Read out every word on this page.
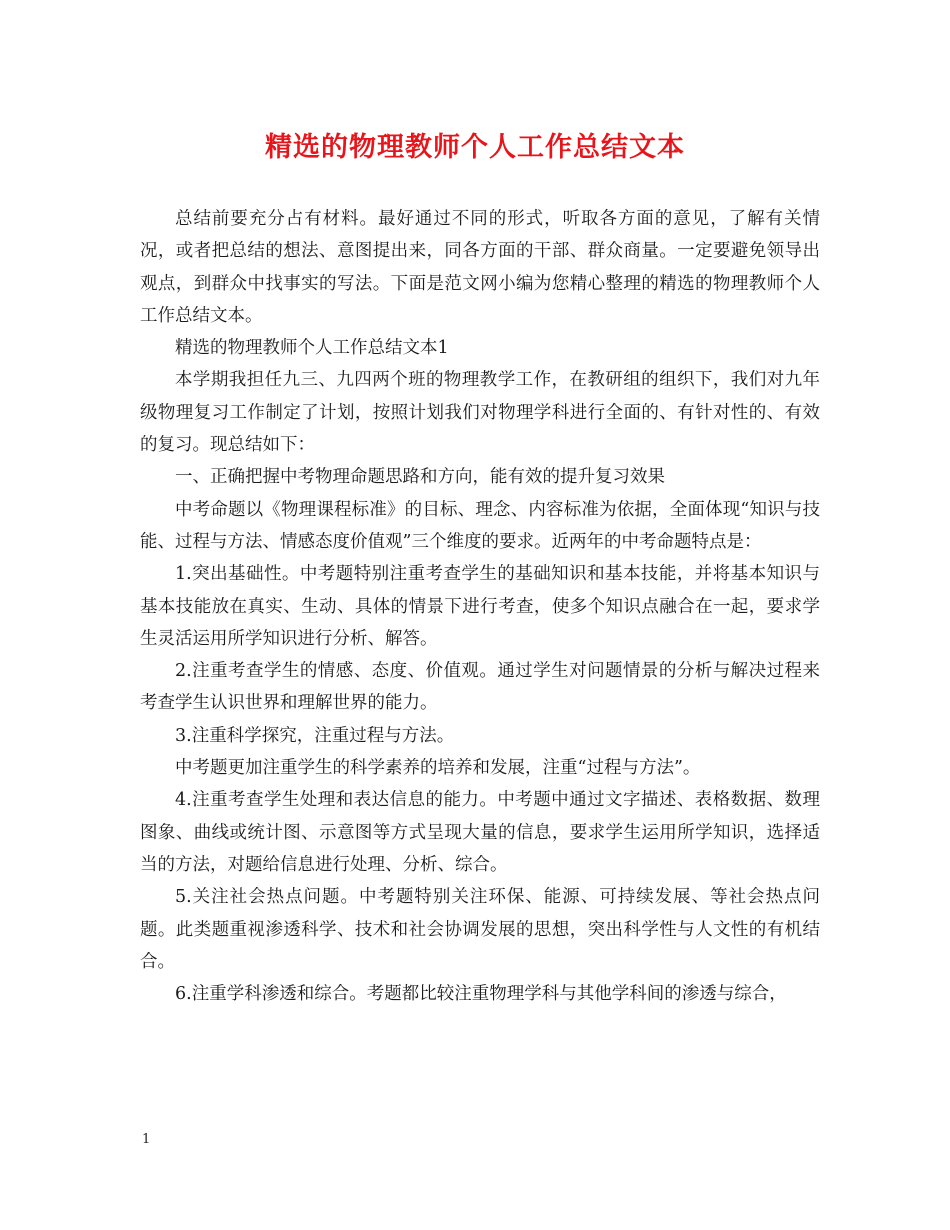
精选的物理教师个人工作总结文本

总结前要充分占有材料。最好通过不同的形式，听取各方面的意见，了解有关情况，或者把总结的想法、意图提出来，同各方面的干部、群众商量。一定要避免领导出观点，到群众中找事实的写法。下面是范文网小编为您精心整理的精选的物理教师个人工作总结文本。

精选的物理教师个人工作总结文本1

本学期我担任九三、九四两个班的物理教学工作，在教研组的组织下，我们对九年级物理复习工作制定了计划，按照计划我们对物理学科进行全面的、有针对性的、有效的复习。现总结如下：

一、正确把握中考物理命题思路和方向，能有效的提升复习效果

中考命题以《物理课程标准》的目标、理念、内容标准为依据，全面体现“知识与技能、过程与方法、情感态度价值观”三个维度的要求。近两年的中考命题特点是：

1.突出基础性。中考题特别注重考查学生的基础知识和基本技能，并将基本知识与基本技能放在真实、生动、具体的情景下进行考查，使多个知识点融合在一起，要求学生灵活运用所学知识进行分析、解答。

2.注重考查学生的情感、态度、价值观。通过学生对问题情景的分析与解决过程来考查学生认识世界和理解世界的能力。

3.注重科学探究，注重过程与方法。

中考题更加注重学生的科学素养的培养和发展，注重“过程与方法”。

4.注重考查学生处理和表达信息的能力。中考题中通过文字描述、表格数据、数理图象、曲线或统计图、示意图等方式呈现大量的信息，要求学生运用所学知识，选择适当的方法，对题给信息进行处理、分析、综合。

5.关注社会热点问题。中考题特别关注环保、能源、可持续发展、等社会热点问题。此类题重视渗透科学、技术和社会协调发展的思想，突出科学性与人文性的有机结合。

6.注重学科渗透和综合。考题都比较注重物理学科与其他学科间的渗透与综合，

1
